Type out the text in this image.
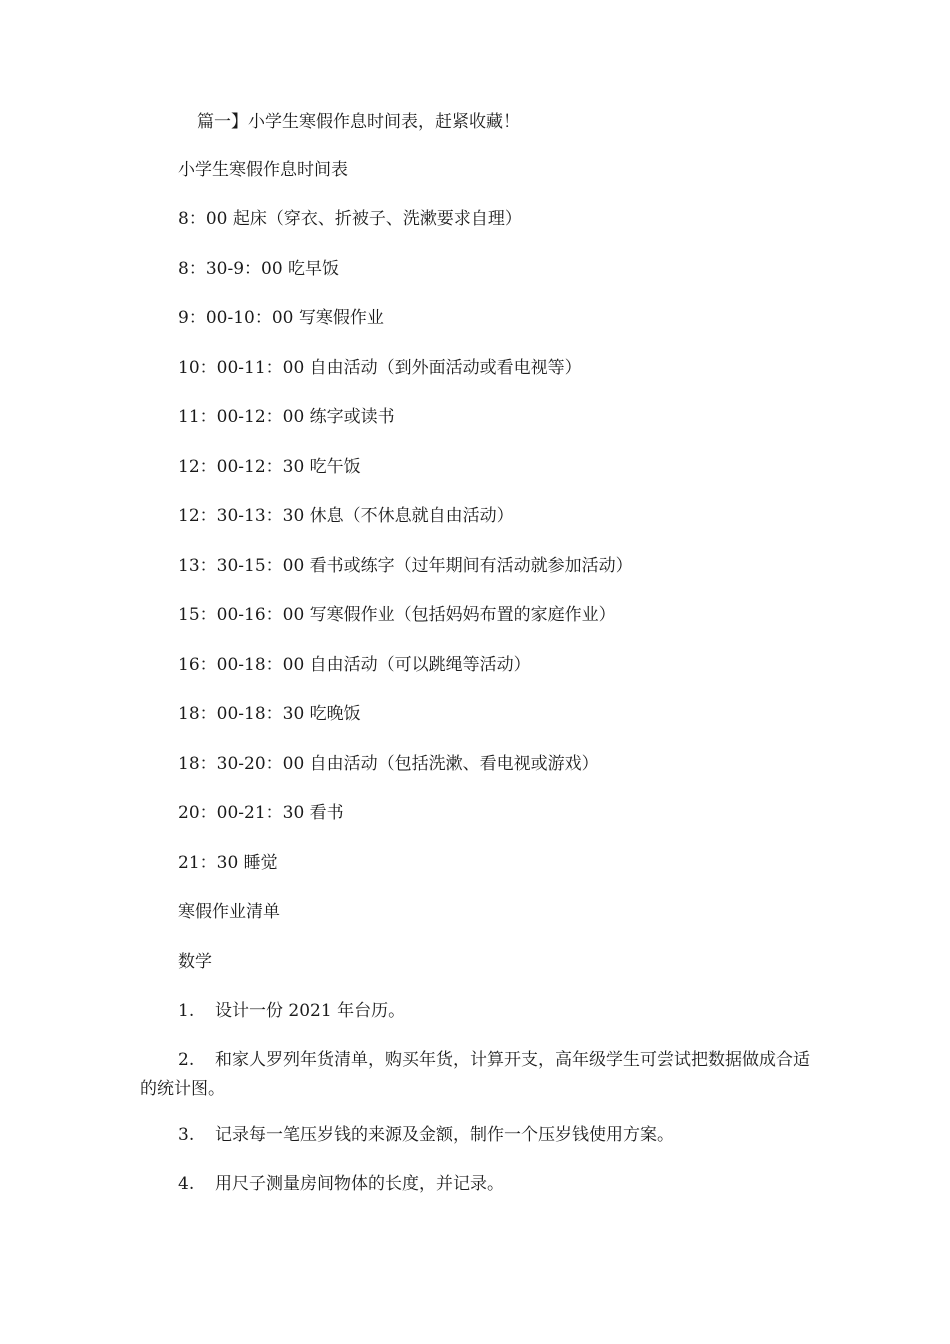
篇一】小学生寒假作息时间表，赶紧收藏！
小学生寒假作息时间表
8：00 起床（穿衣、折被子、洗漱要求自理）
8：30-9：00 吃早饭
9：00-10：00 写寒假作业
10：00-11：00 自由活动（到外面活动或看电视等）
11：00-12：00 练字或读书
12：00-12：30 吃午饭
12：30-13：30 休息（不休息就自由活动）
13：30-15：00 看书或练字（过年期间有活动就参加活动）
15：00-16：00 写寒假作业（包括妈妈布置的家庭作业）
16：00-18：00 自由活动（可以跳绳等活动）
18：00-18：30 吃晚饭
18：30-20：00 自由活动（包括洗漱、看电视或游戏）
20：00-21：30 看书
21：30 睡觉
寒假作业清单
数学
1. 设计一份 2021 年台历。
2. 和家人罗列年货清单，购买年货，计算开支，高年级学生可尝试把数据做成合适的统计图。
3. 记录每一笔压岁钱的来源及金额，制作一个压岁钱使用方案。
4. 用尺子测量房间物体的长度，并记录。
